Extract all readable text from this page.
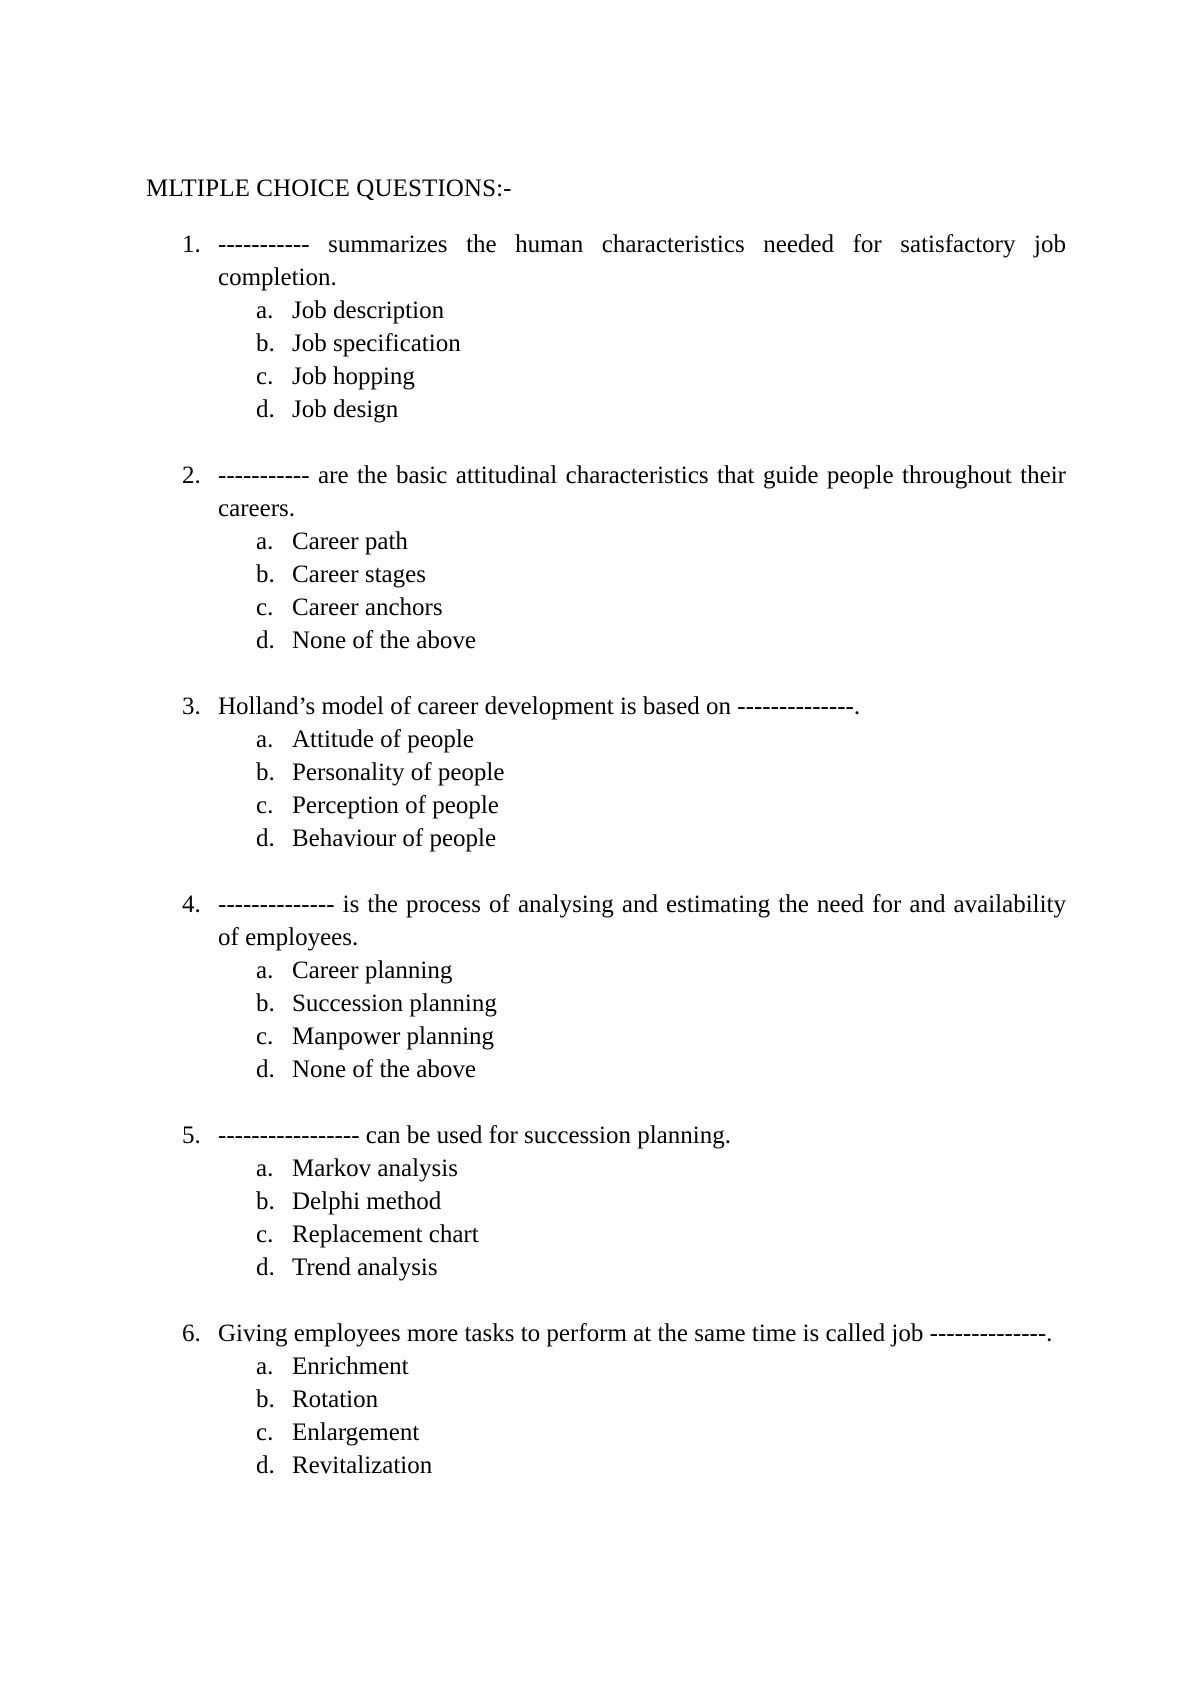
MLTIPLE CHOICE QUESTIONS:-
1. ----------- summarizes the human characteristics needed for satisfactory job completion.
a. Job description
b. Job specification
c. Job hopping
d. Job design
2. ----------- are the basic attitudinal characteristics that guide people throughout their careers.
a. Career path
b. Career stages
c. Career anchors
d. None of the above
3. Holland’s model of career development is based on --------------.
a. Attitude of people
b. Personality of people
c. Perception of people
d. Behaviour of people
4. -------------- is the process of analysing and estimating the need for and availability of employees.
a. Career planning
b. Succession planning
c. Manpower planning
d. None of the above
5. ----------------- can be used for succession planning.
a. Markov analysis
b. Delphi method
c. Replacement chart
d. Trend analysis
6. Giving employees more tasks to perform at the same time is called job --------------.
a. Enrichment
b. Rotation
c. Enlargement
d. Revitalization
